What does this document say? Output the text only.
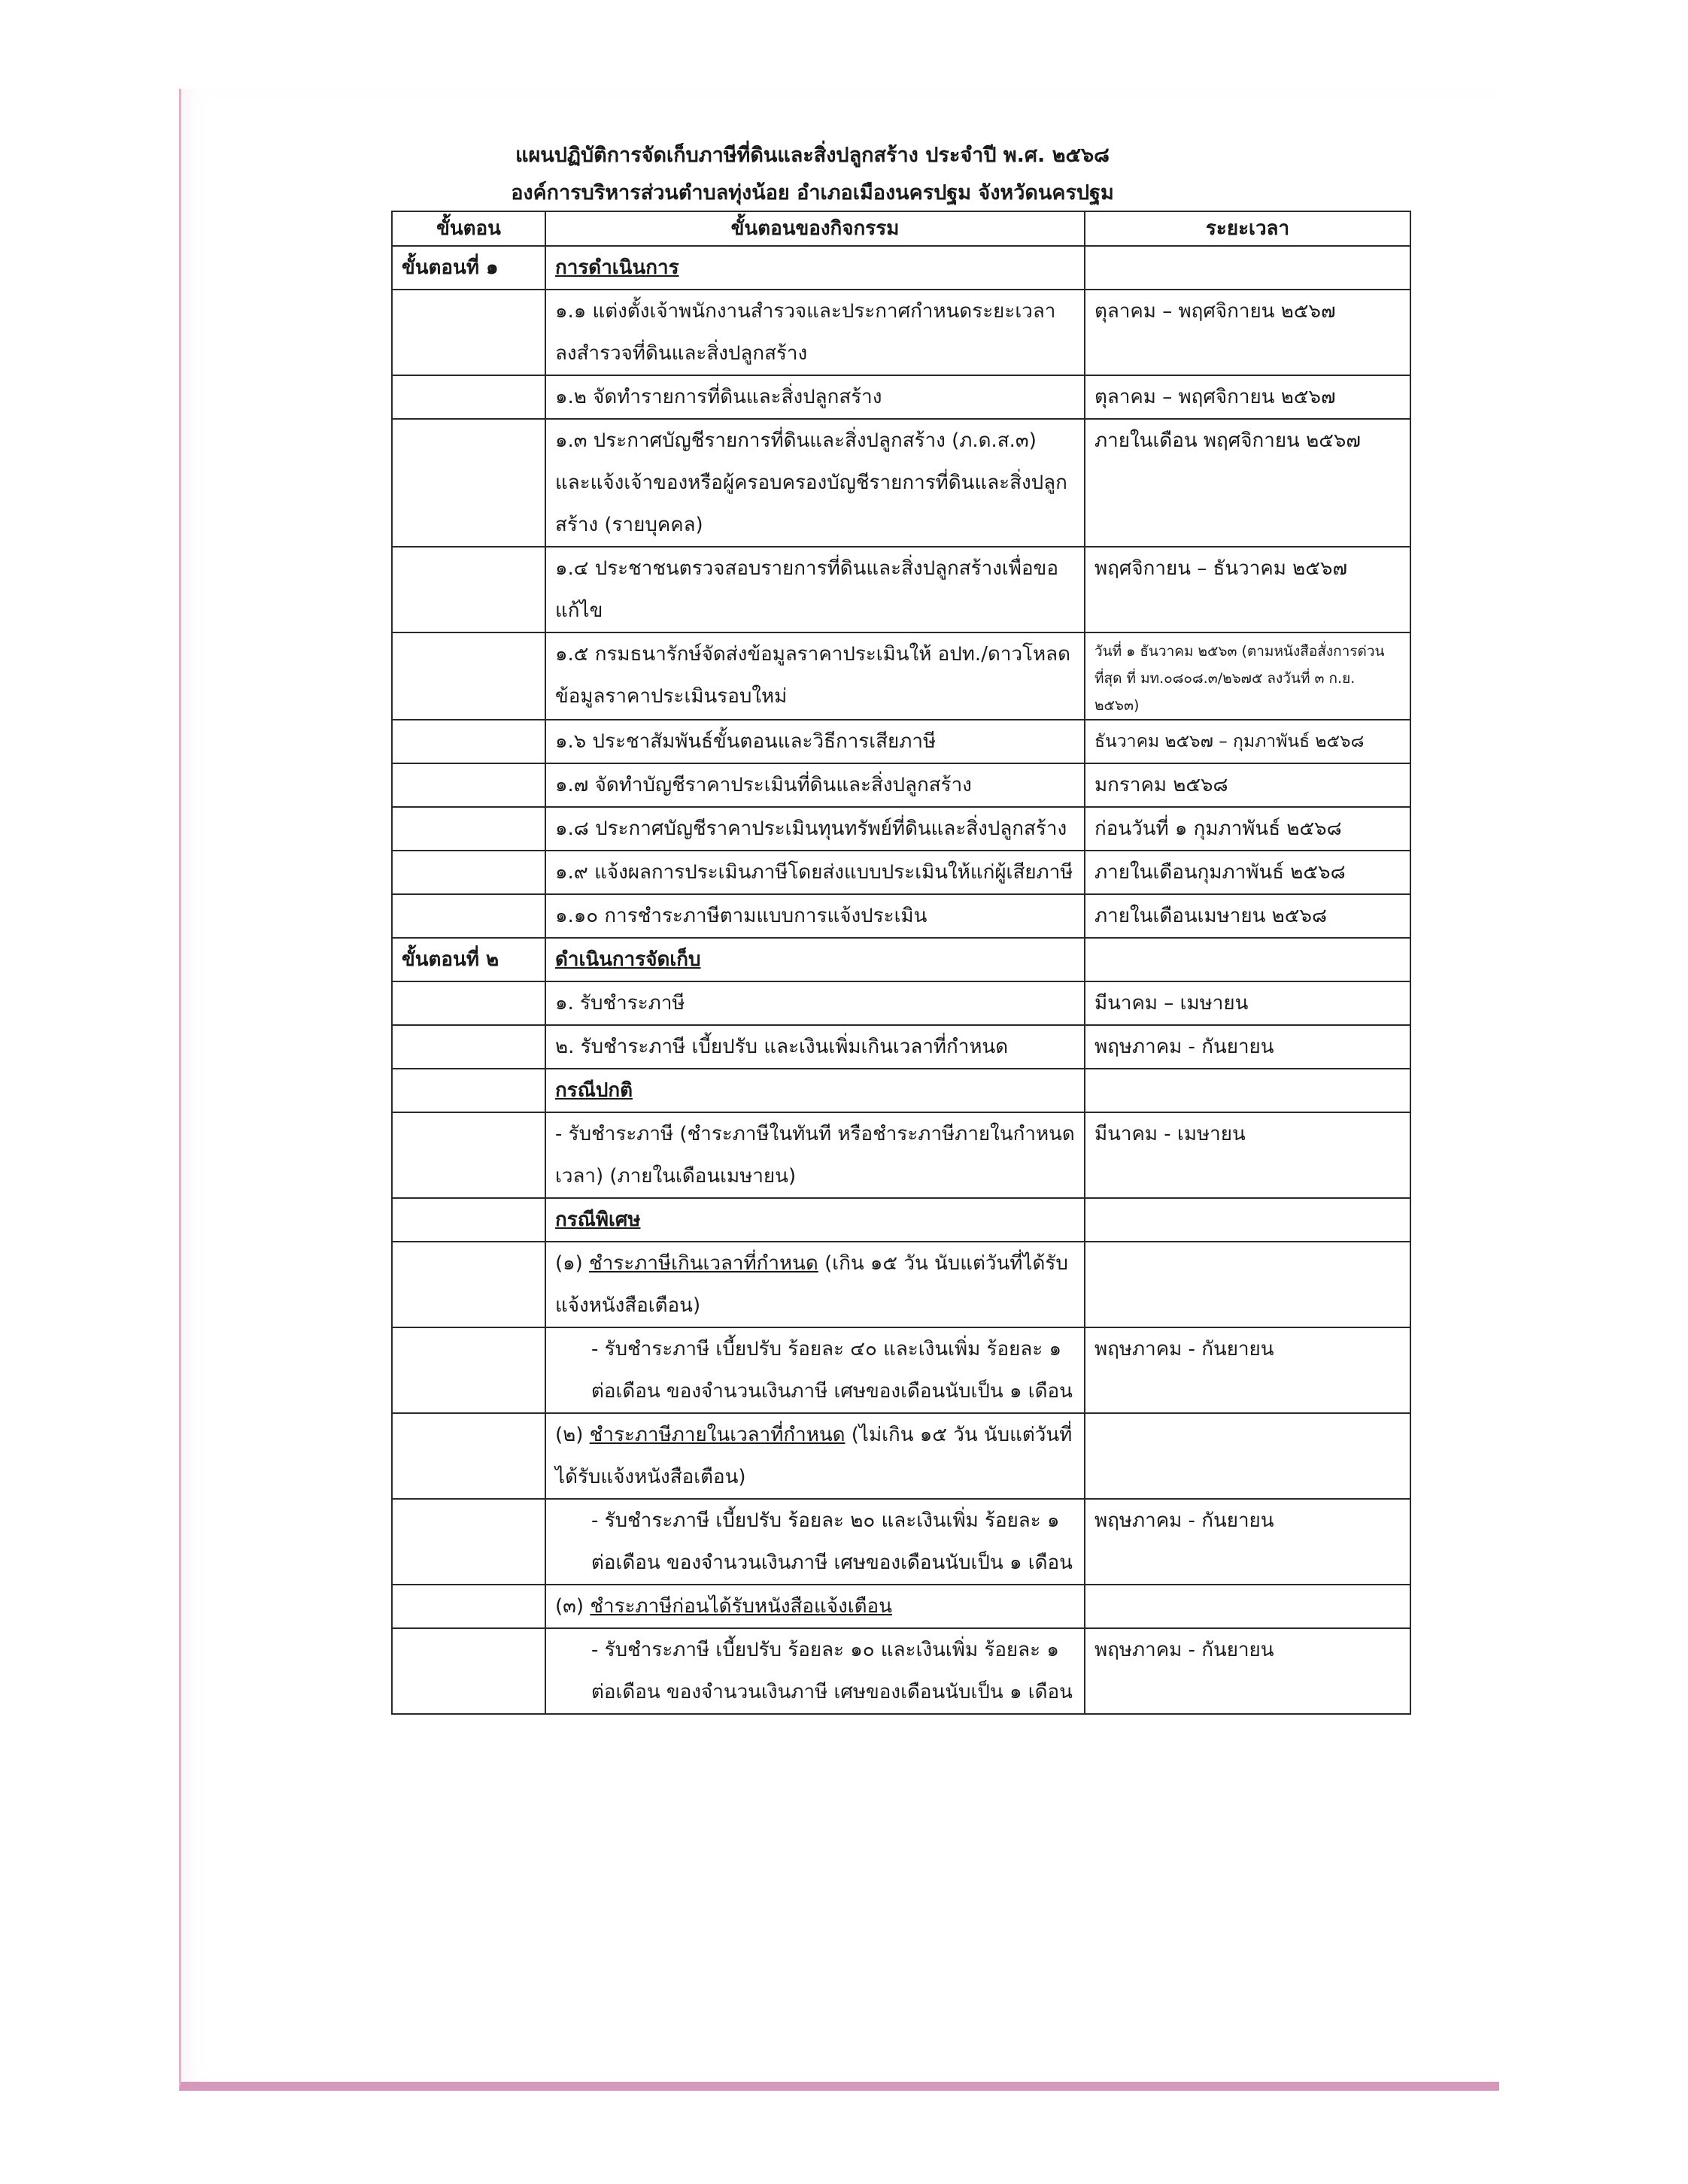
แผนปฏิบัติการจัดเก็บภาษีที่ดินและสิ่งปลูกสร้าง ประจำปี พ.ศ. ๒๕๖๘
องค์การบริหารส่วนตำบลทุ่งน้อย อำเภอเมืองนครปฐม จังหวัดนครปฐม
ขั้นตอน	ขั้นตอนของกิจกรรม	ระยะเวลา
ขั้นตอนที่ ๑	การดำเนินการ	
	๑.๑ แต่งตั้งเจ้าพนักงานสำรวจและประกาศกำหนดระยะเวลาลงสำรวจที่ดินและสิ่งปลูกสร้าง	ตุลาคม – พฤศจิกายน ๒๕๖๗
	๑.๒ จัดทำรายการที่ดินและสิ่งปลูกสร้าง	ตุลาคม – พฤศจิกายน ๒๕๖๗
	๑.๓ ประกาศบัญชีรายการที่ดินและสิ่งปลูกสร้าง (ภ.ด.ส.๓) และแจ้งเจ้าของหรือผู้ครอบครองบัญชีรายการที่ดินและสิ่งปลูกสร้าง (รายบุคคล)	ภายในเดือน พฤศจิกายน ๒๕๖๗
	๑.๔ ประชาชนตรวจสอบรายการที่ดินและสิ่งปลูกสร้างเพื่อขอแก้ไข	พฤศจิกายน – ธันวาคม ๒๕๖๗
	๑.๕ กรมธนารักษ์จัดส่งข้อมูลราคาประเมินให้ อปท./ดาวโหลดข้อมูลราคาประเมินรอบใหม่	วันที่ ๑ ธันวาคม ๒๕๖๓ (ตามหนังสือสั่งการด่วนที่สุด ที่ มท.๐๘๐๘.๓/๒๖๗๕ ลงวันที่ ๓ ก.ย. ๒๕๖๓)
	๑.๖ ประชาสัมพันธ์ขั้นตอนและวิธีการเสียภาษี	ธันวาคม ๒๕๖๗ – กุมภาพันธ์ ๒๕๖๘
	๑.๗ จัดทำบัญชีราคาประเมินที่ดินและสิ่งปลูกสร้าง	มกราคม ๒๕๖๘
	๑.๘ ประกาศบัญชีราคาประเมินทุนทรัพย์ที่ดินและสิ่งปลูกสร้าง	ก่อนวันที่ ๑ กุมภาพันธ์ ๒๕๖๘
	๑.๙ แจ้งผลการประเมินภาษีโดยส่งแบบประเมินให้แก่ผู้เสียภาษี	ภายในเดือนกุมภาพันธ์ ๒๕๖๘
	๑.๑๐ การชำระภาษีตามแบบการแจ้งประเมิน	ภายในเดือนเมษายน ๒๕๖๘
ขั้นตอนที่ ๒	ดำเนินการจัดเก็บ	
	๑. รับชำระภาษี	มีนาคม – เมษายน
	๒. รับชำระภาษี เบี้ยปรับ และเงินเพิ่มเกินเวลาที่กำหนด	พฤษภาคม - กันยายน
	กรณีปกติ	
	- รับชำระภาษี (ชำระภาษีในทันที หรือชำระภาษีภายในกำหนดเวลา) (ภายในเดือนเมษายน)	มีนาคม - เมษายน
	กรณีพิเศษ	
	(๑) ชำระภาษีเกินเวลาที่กำหนด (เกิน ๑๕ วัน นับแต่วันที่ได้รับแจ้งหนังสือเตือน)	
	- รับชำระภาษี เบี้ยปรับ ร้อยละ ๔๐ และเงินเพิ่ม ร้อยละ ๑ ต่อเดือน ของจำนวนเงินภาษี เศษของเดือนนับเป็น ๑ เดือน	พฤษภาคม - กันยายน
	(๒) ชำระภาษีภายในเวลาที่กำหนด (ไม่เกิน ๑๕ วัน นับแต่วันที่ได้รับแจ้งหนังสือเตือน)	
	- รับชำระภาษี เบี้ยปรับ ร้อยละ ๒๐ และเงินเพิ่ม ร้อยละ ๑ ต่อเดือน ของจำนวนเงินภาษี เศษของเดือนนับเป็น ๑ เดือน	พฤษภาคม - กันยายน
	(๓) ชำระภาษีก่อนได้รับหนังสือแจ้งเตือน	
	- รับชำระภาษี เบี้ยปรับ ร้อยละ ๑๐ และเงินเพิ่ม ร้อยละ ๑ ต่อเดือน ของจำนวนเงินภาษี เศษของเดือนนับเป็น ๑ เดือน	พฤษภาคม - กันยายน
